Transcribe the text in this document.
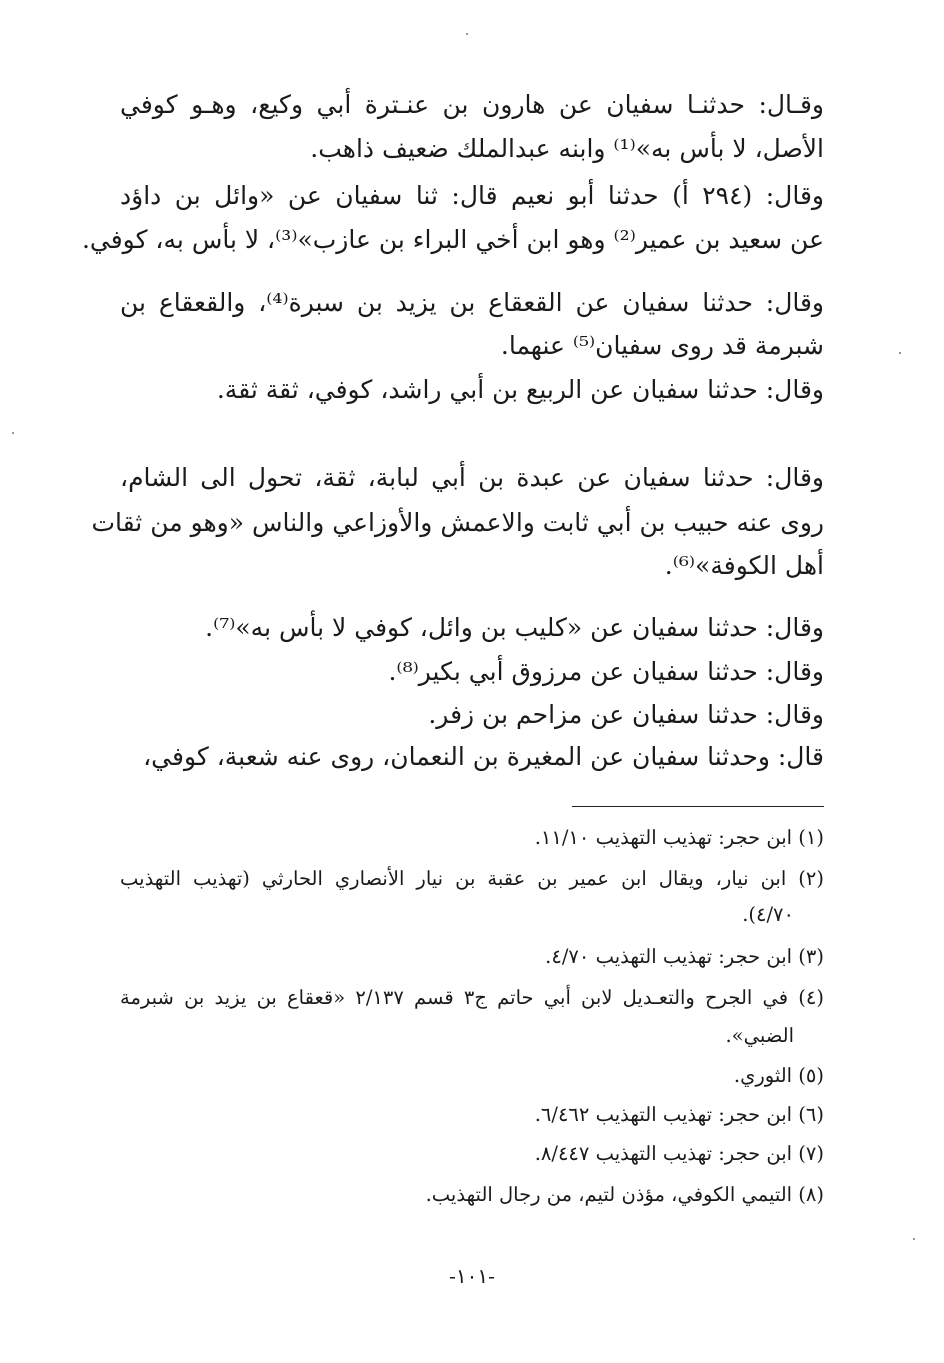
وقـال: حدثنـا سفيان عن هارون بن عنـترة أبي وكيع، وهـو كوفي
الأصل، لا بأس به»⁽¹⁾ وابنه عبدالملك ضعيف ذاهب.
وقال: (٢٩٤ أ) حدثنا أبو نعيم قال: ثنا سفيان عن «وائل بن داؤد
عن سعيد بن عمير⁽²⁾ وهو ابن أخي البراء بن عازب»⁽³⁾، لا بأس به، كوفي.
وقال: حدثنا سفيان عن القعقاع بن يزيد بن سبرة⁽⁴⁾، والقعقاع بن
شبرمة قد روى سفيان⁽⁵⁾ عنهما.
وقال: حدثنا سفيان عن الربيع بن أبي راشد، كوفي، ثقة ثقة.
وقال: حدثنا سفيان عن عبدة بن أبي لبابة، ثقة، تحول الى الشام،
روى عنه حبيب بن أبي ثابت والاعمش والأوزاعي والناس «وهو من ثقات
أهل الكوفة»⁽⁶⁾.
وقال: حدثنا سفيان عن «كليب بن وائل، كوفي لا بأس به»⁽⁷⁾.
وقال: حدثنا سفيان عن مرزوق أبي بكير⁽⁸⁾.
وقال: حدثنا سفيان عن مزاحم بن زفر.
قال: وحدثنا سفيان عن المغيرة بن النعمان، روى عنه شعبة، كوفي،
(١) ابن حجر: تهذيب التهذيب ١١/١٠.
(٢) ابن نيار، ويقال ابن عمير بن عقبة بن نيار الأنصاري الحارثي (تهذيب التهذيب
٤/٧٠).
(٣) ابن حجر: تهذيب التهذيب ٤/٧٠.
(٤) في الجرح والتعـديل لابن أبي حاتم ج٣ قسم ٢/١٣٧ «قعقاع بن يزيد بن شبرمة
الضبي».
(٥) الثوري.
(٦) ابن حجر: تهذيب التهذيب ٦/٤٦٢.
(٧) ابن حجر: تهذيب التهذيب ٨/٤٤٧.
(٨) التيمي الكوفي، مؤذن لتيم، من رجال التهذيب.
-١٠١-
